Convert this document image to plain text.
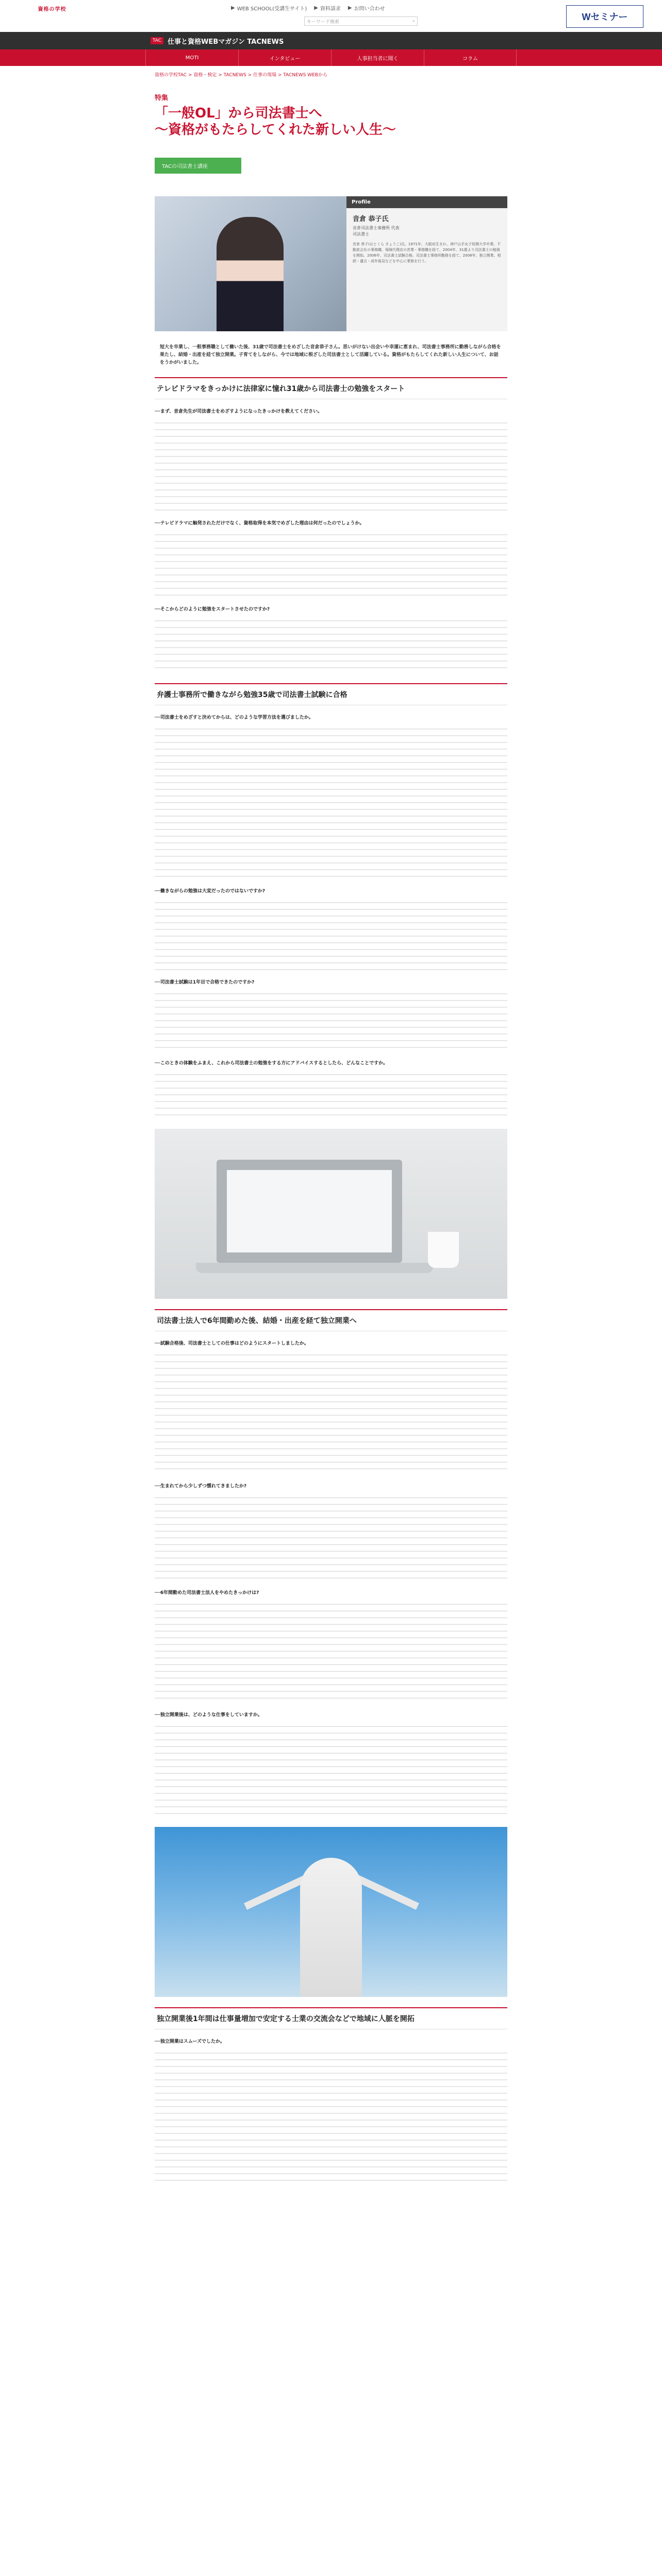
資格の学校	▶ WEB SCHOOL(受講生サイト) ▶ 資料請求 ▶ お問い合わせ
キーワード検索	⌕	Wセミナー
TAC 仕事と資格WEBマガジン TACNEWS
MOTI	インタビュー	人事担当者に聞く	コラム
資格の学校TAC > 資格・検定 > TACNEWS > 仕事の現場 > TACNEWS WEBから
特集
「一般OL」から司法書士へ
〜資格がもたらしてくれた新しい人生〜
TACの司法書士講座
Profile
音倉 恭子氏
音倉司法書士事務所 代表
司法書士
音倉 恭子(おとくら きょうこ)氏。1971年、大阪府生まれ。神戸山手女子短期大学卒業。不動産会社の事務職、保険代理店の営業・事務職を経て、2004年、31歳より司法書士の勉強を開始。2006年、司法書士試験合格。司法書士事務所勤務を経て、2008年、独立開業。相続・遺言・成年後見などを中心に業務を行う。

短大を卒業し、一般事務職として働いた後、31歳で司法書士をめざした音倉恭子さん。思いがけない出会いや幸運に恵まれ、司法書士事務所に勤務しながら合格を果たし、結婚・出産を経て独立開業。子育てをしながら、今では地域に根ざした司法書士として活躍している。資格がもたらしてくれた新しい人生について、お話をうかがいました。

テレビドラマをきっかけに法律家に憧れ31歳から司法書士の勉強をスタート
──まず、音倉先生が司法書士をめざすようになったきっかけを教えてください。
──テレビドラマに触発されただけでなく、資格取得を本気でめざした理由は何だったのでしょうか。
──そこからどのように勉強をスタートさせたのですか?
弁護士事務所で働きながら勉強35歳で司法書士試験に合格
──司法書士をめざすと決めてからは、どのような学習方法を選びましたか。
──働きながらの勉強は大変だったのではないですか?
──司法書士試験は1年目で合格できたのですか?
──このときの体験をふまえ、これから司法書士の勉強をする方にアドバイスするとしたら、どんなことですか。
司法書士法人で6年間勤めた後、結婚・出産を経て独立開業へ
──試験合格後、司法書士としての仕事はどのようにスタートしましたか。
──生まれてから少しずつ慣れてきましたか?
──6年間勤めた司法書士法人をやめたきっかけは?
──独立開業後は、どのような仕事をしていますか。
独立開業後1年間は仕事量増加で安定する士業の交流会などで地域に人脈を開拓
──独立開業はスムーズでしたか。
